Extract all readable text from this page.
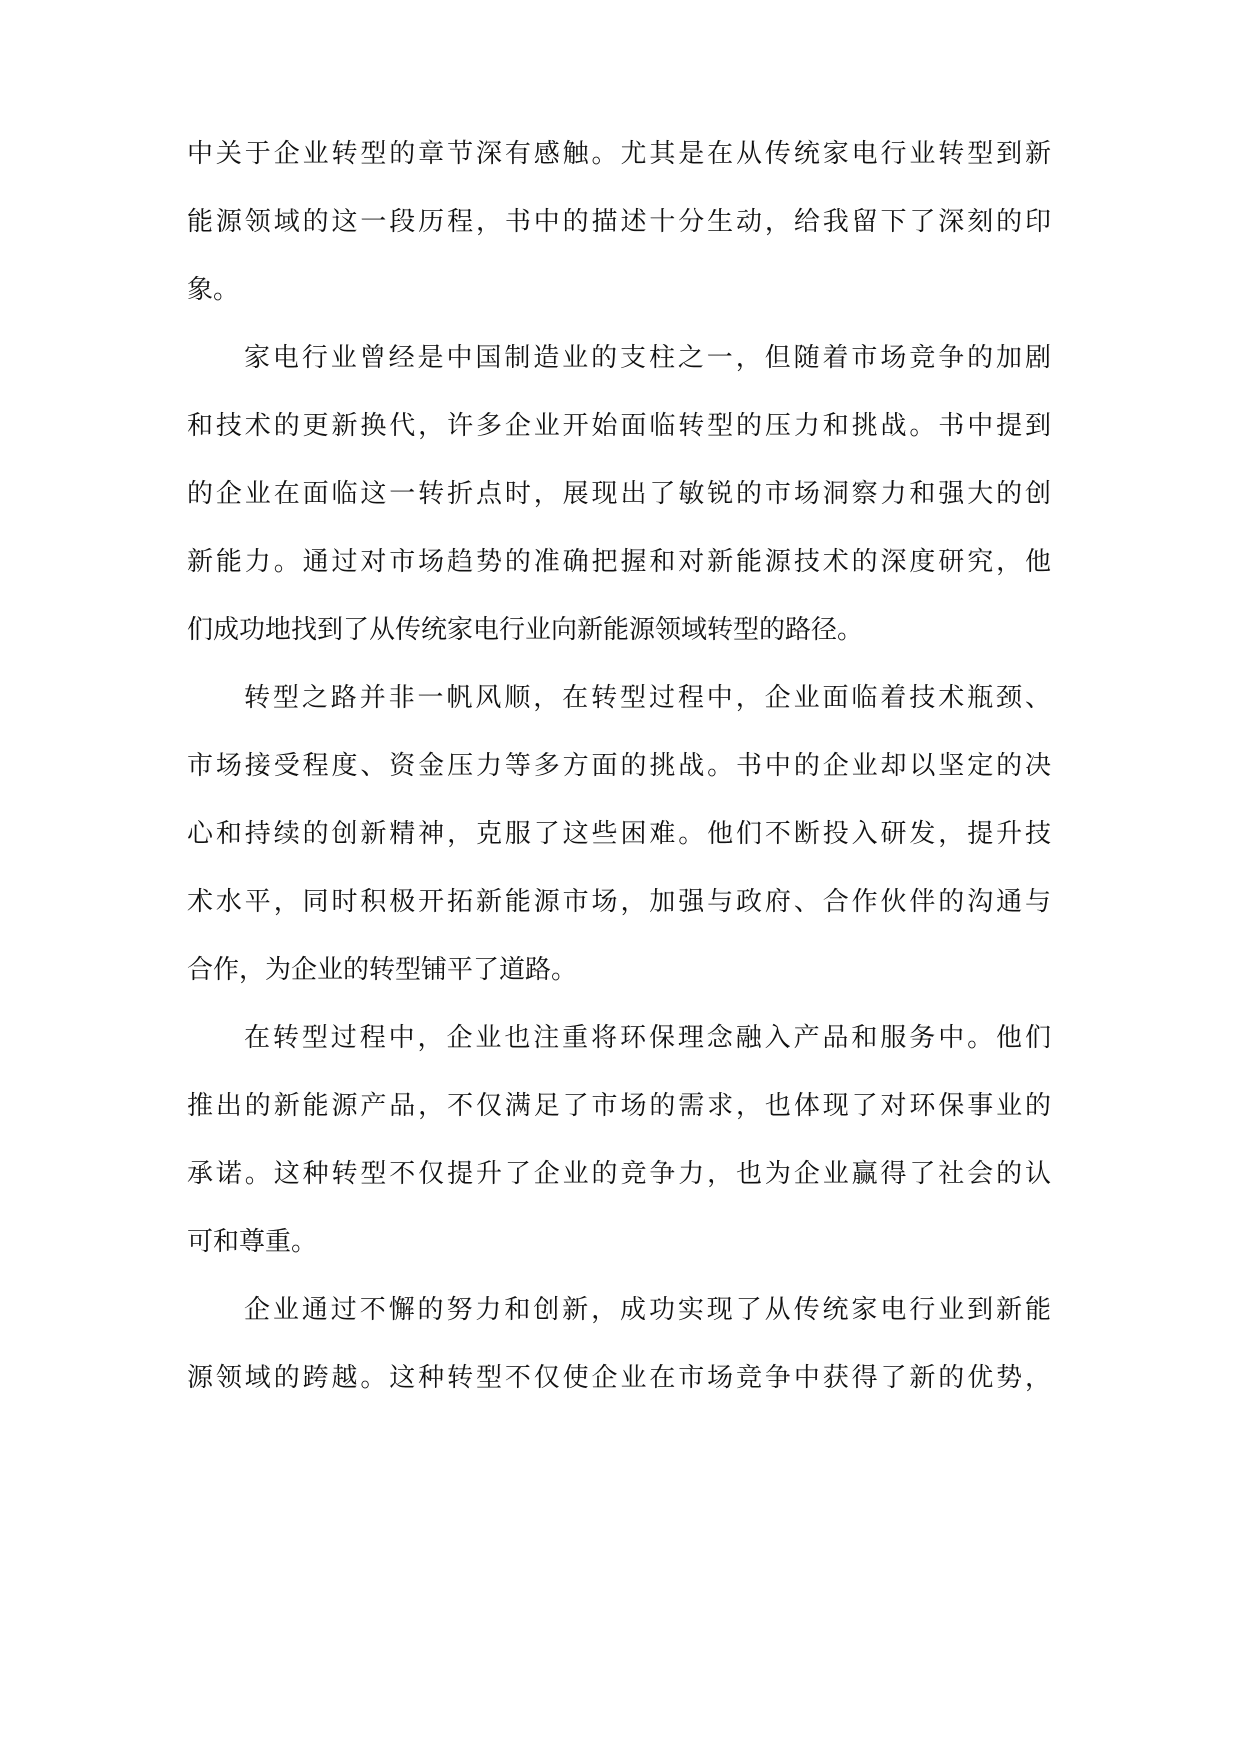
中关于企业转型的章节深有感触。尤其是在从传统家电行业转型到新
能源领域的这一段历程，书中的描述十分生动，给我留下了深刻的印
象。
家电行业曾经是中国制造业的支柱之一，但随着市场竞争的加剧
和技术的更新换代，许多企业开始面临转型的压力和挑战。书中提到
的企业在面临这一转折点时，展现出了敏锐的市场洞察力和强大的创
新能力。通过对市场趋势的准确把握和对新能源技术的深度研究，他
们成功地找到了从传统家电行业向新能源领域转型的路径。
转型之路并非一帆风顺，在转型过程中，企业面临着技术瓶颈、
市场接受程度、资金压力等多方面的挑战。书中的企业却以坚定的决
心和持续的创新精神，克服了这些困难。他们不断投入研发，提升技
术水平，同时积极开拓新能源市场，加强与政府、合作伙伴的沟通与
合作，为企业的转型铺平了道路。
在转型过程中，企业也注重将环保理念融入产品和服务中。他们
推出的新能源产品，不仅满足了市场的需求，也体现了对环保事业的
承诺。这种转型不仅提升了企业的竞争力，也为企业赢得了社会的认
可和尊重。
企业通过不懈的努力和创新，成功实现了从传统家电行业到新能
源领域的跨越。这种转型不仅使企业在市场竞争中获得了新的优势，
